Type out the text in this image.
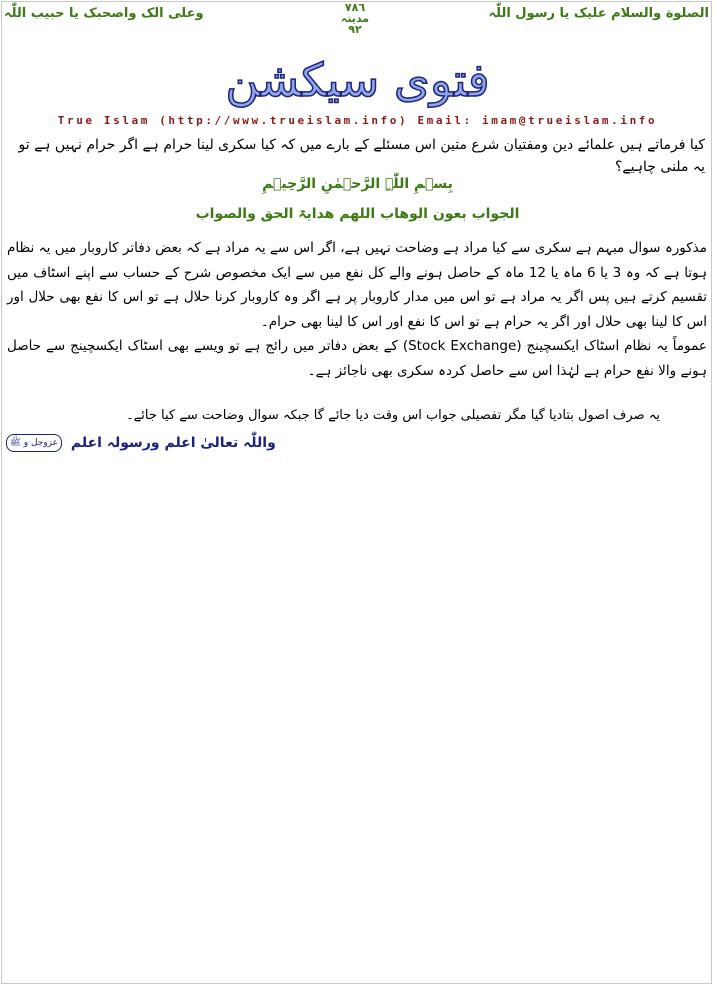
الصلوة والسلام علیک یا رسول اللّٰہ
٧٨٦
مدینہ
٩٢
وعلی الک واصحبک یا حبیب اللّٰہ
فتوی سیکشن
True Islam (http://www.trueislam.info) Email: imam@trueislam.info
کیا فرماتے ہیں علمائے دین ومفتیان شرع متین اس مسئلے کے بارے میں کہ کیا سکری لینا حرام ہے اگر حرام نہیں ہے تو یہ ملنی چاہیے؟
بِسۡمِ اللّٰہِ الرَّحۡمٰنِ الرَّحِیۡمِ
الجواب بعون الوھاب اللھم ھدایۃ الحق والصواب

مذکورہ سوال مبہم ہے سکری سے کیا مراد ہے وضاحت نہیں ہے، اگر اس سے یہ مراد ہے کہ بعض دفاتر کاروبار میں یہ نظام ہوتا ہے کہ وہ 3 یا 6 ماہ یا 12 ماہ کے حاصل ہونے والے کل نفع میں سے ایک مخصوص شرح کے حساب سے اپنے اسٹاف میں تقسیم کرتے ہیں پس اگر یہ مراد ہے تو اس میں مدار کاروبار پر ہے اگر وہ کاروبار کرنا حلال ہے تو اس کا نفع بھی حلال اور اس کا لینا بھی حلال اور اگر یہ حرام ہے تو اس کا نفع اور اس کا لینا بھی حرام۔

عموماً یہ نظام اسٹاک ایکسچینج (Stock Exchange) کے بعض دفاتر میں رائج ہے تو ویسے بھی اسٹاک ایکسچینج سے حاصل ہونے والا نفع حرام ہے لہٰذا اس سے حاصل کردہ سکری بھی ناجائز ہے۔

یہ صرف اصول بتادیا گیا مگر تفصیلی جواب اس وقت دیا جائے گا جبکہ سوال وضاحت سے کیا جائے۔
واللّٰہ تعالیٰ اعلم ورسولہ اعلم عزوجل و ﷺ
